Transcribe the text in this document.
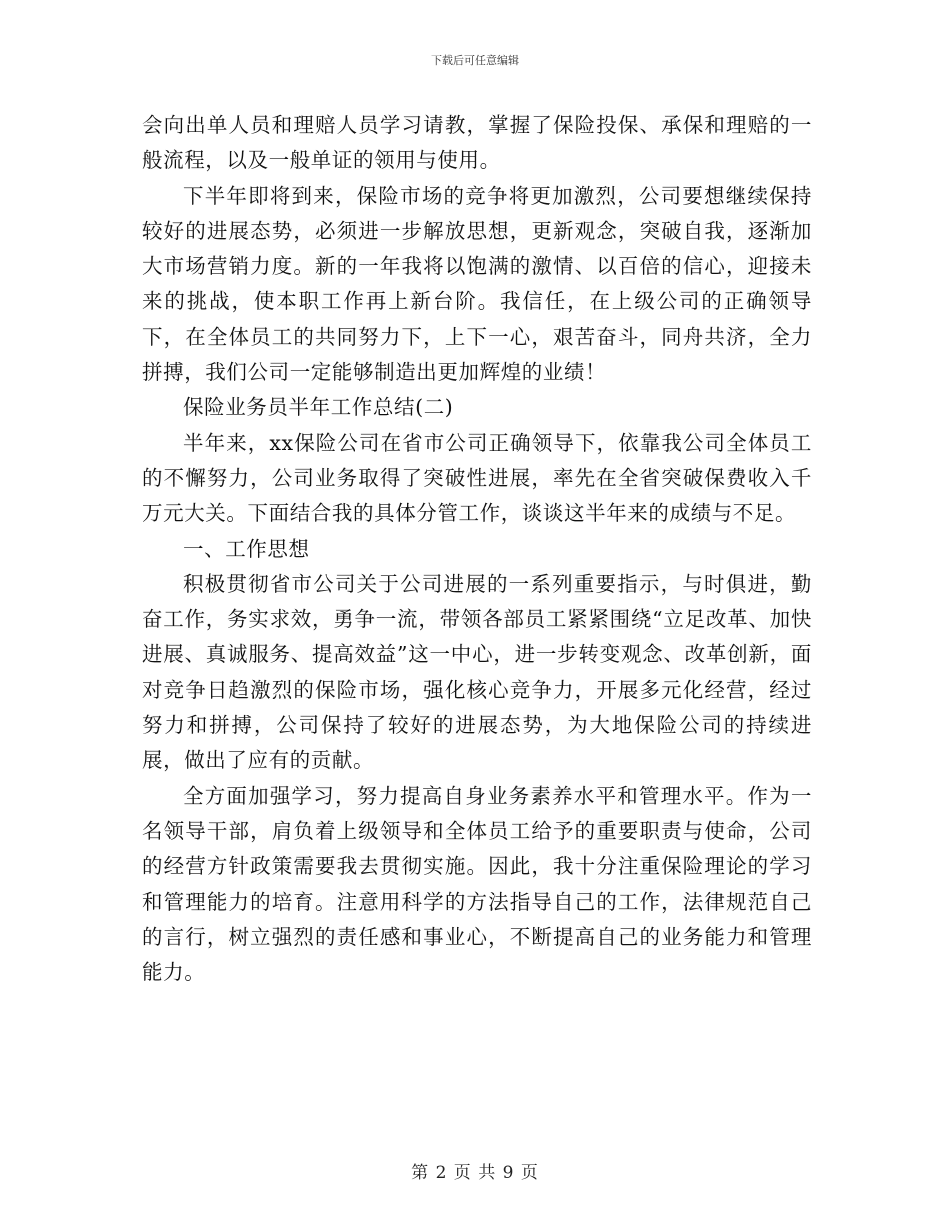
下载后可任意编辑

会向出单人员和理赔人员学习请教，掌握了保险投保、承保和理赔的一般流程，以及一般单证的领用与使用。

下半年即将到来，保险市场的竞争将更加激烈，公司要想继续保持较好的进展态势，必须进一步解放思想，更新观念，突破自我，逐渐加大市场营销力度。新的一年我将以饱满的激情、以百倍的信心，迎接未来的挑战，使本职工作再上新台阶。我信任，在上级公司的正确领导下，在全体员工的共同努力下，上下一心，艰苦奋斗，同舟共济，全力拼搏，我们公司一定能够制造出更加辉煌的业绩！

保险业务员半年工作总结(二)

半年来，xx保险公司在省市公司正确领导下，依靠我公司全体员工的不懈努力，公司业务取得了突破性进展，率先在全省突破保费收入千万元大关。下面结合我的具体分管工作，谈谈这半年来的成绩与不足。

一、工作思想

积极贯彻省市公司关于公司进展的一系列重要指示，与时俱进，勤奋工作，务实求效，勇争一流，带领各部员工紧紧围绕“立足改革、加快进展、真诚服务、提高效益”这一中心，进一步转变观念、改革创新，面对竞争日趋激烈的保险市场，强化核心竞争力，开展多元化经营，经过努力和拼搏，公司保持了较好的进展态势，为大地保险公司的持续进展，做出了应有的贡献。

全方面加强学习，努力提高自身业务素养水平和管理水平。作为一名领导干部，肩负着上级领导和全体员工给予的重要职责与使命，公司的经营方针政策需要我去贯彻实施。因此，我十分注重保险理论的学习和管理能力的培育。注意用科学的方法指导自己的工作，法律规范自己的言行，树立强烈的责任感和事业心，不断提高自己的业务能力和管理能力。

第 2 页 共 9 页
